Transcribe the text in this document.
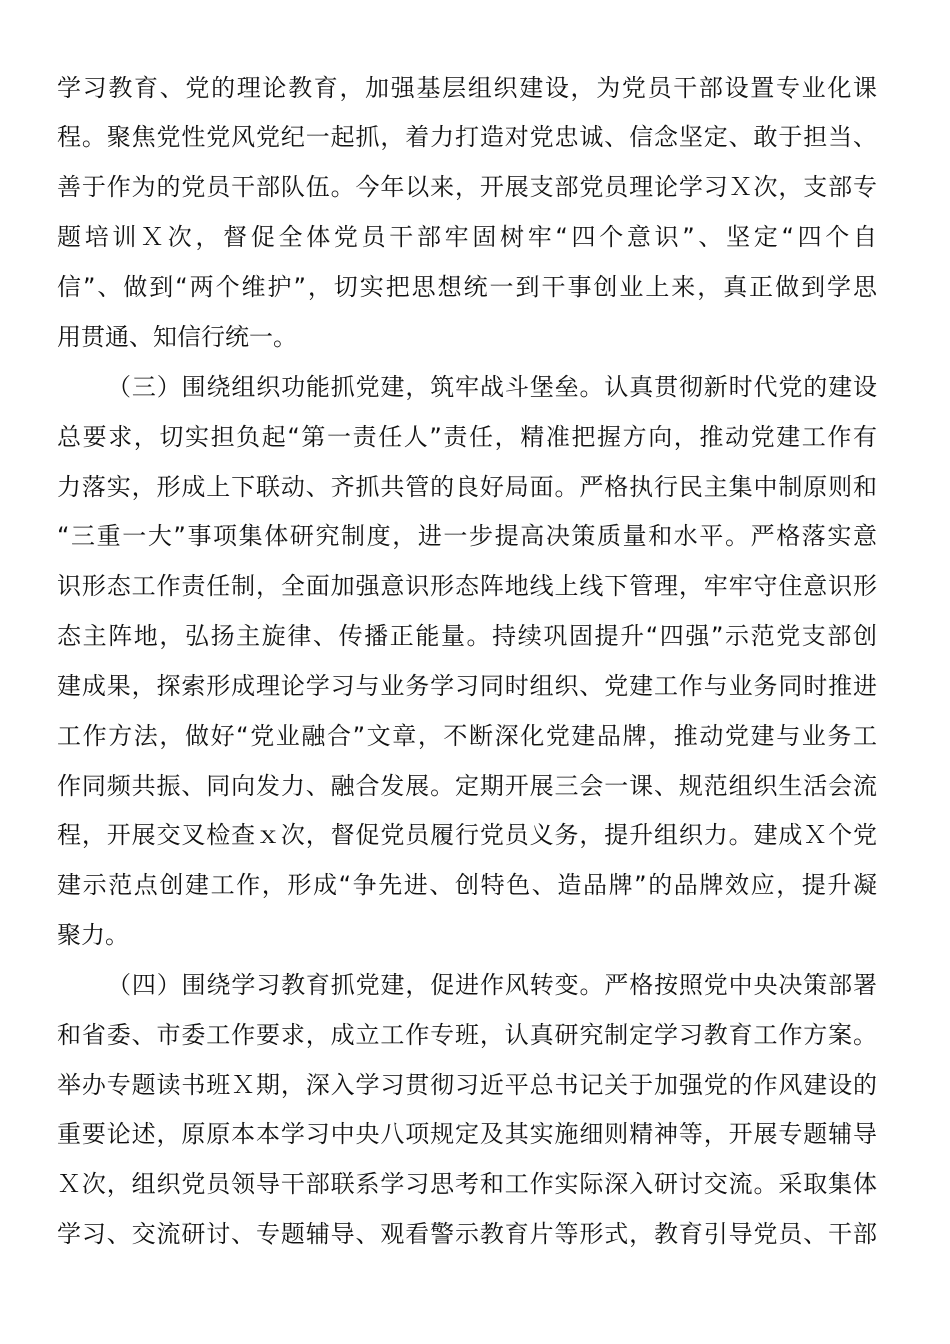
学习教育、党的理论教育，加强基层组织建设，为党员干部设置专业化课
程。聚焦党性党风党纪一起抓，着力打造对党忠诚、信念坚定、敢于担当、
善于作为的党员干部队伍。今年以来，开展支部党员理论学习Ｘ次，支部专
题培训Ｘ次，督促全体党员干部牢固树牢“四个意识”、坚定“四个自
信”、做到“两个维护”，切实把思想统一到干事创业上来，真正做到学思
用贯通、知信行统一。
（三）围绕组织功能抓党建，筑牢战斗堡垒。认真贯彻新时代党的建设
总要求，切实担负起“第一责任人”责任，精准把握方向，推动党建工作有
力落实，形成上下联动、齐抓共管的良好局面。严格执行民主集中制原则和
“三重一大”事项集体研究制度，进一步提高决策质量和水平。严格落实意
识形态工作责任制，全面加强意识形态阵地线上线下管理，牢牢守住意识形
态主阵地，弘扬主旋律、传播正能量。持续巩固提升“四强”示范党支部创
建成果，探索形成理论学习与业务学习同时组织、党建工作与业务同时推进
工作方法，做好“党业融合”文章，不断深化党建品牌，推动党建与业务工
作同频共振、同向发力、融合发展。定期开展三会一课、规范组织生活会流
程，开展交叉检查ｘ次，督促党员履行党员义务，提升组织力。建成Ｘ个党
建示范点创建工作，形成“争先进、创特色、造品牌”的品牌效应，提升凝
聚力。
（四）围绕学习教育抓党建，促进作风转变。严格按照党中央决策部署
和省委、市委工作要求，成立工作专班，认真研究制定学习教育工作方案。
举办专题读书班Ｘ期，深入学习贯彻习近平总书记关于加强党的作风建设的
重要论述，原原本本学习中央八项规定及其实施细则精神等，开展专题辅导
Ｘ次，组织党员领导干部联系学习思考和工作实际深入研讨交流。采取集体
学习、交流研讨、专题辅导、观看警示教育片等形式，教育引导党员、干部
